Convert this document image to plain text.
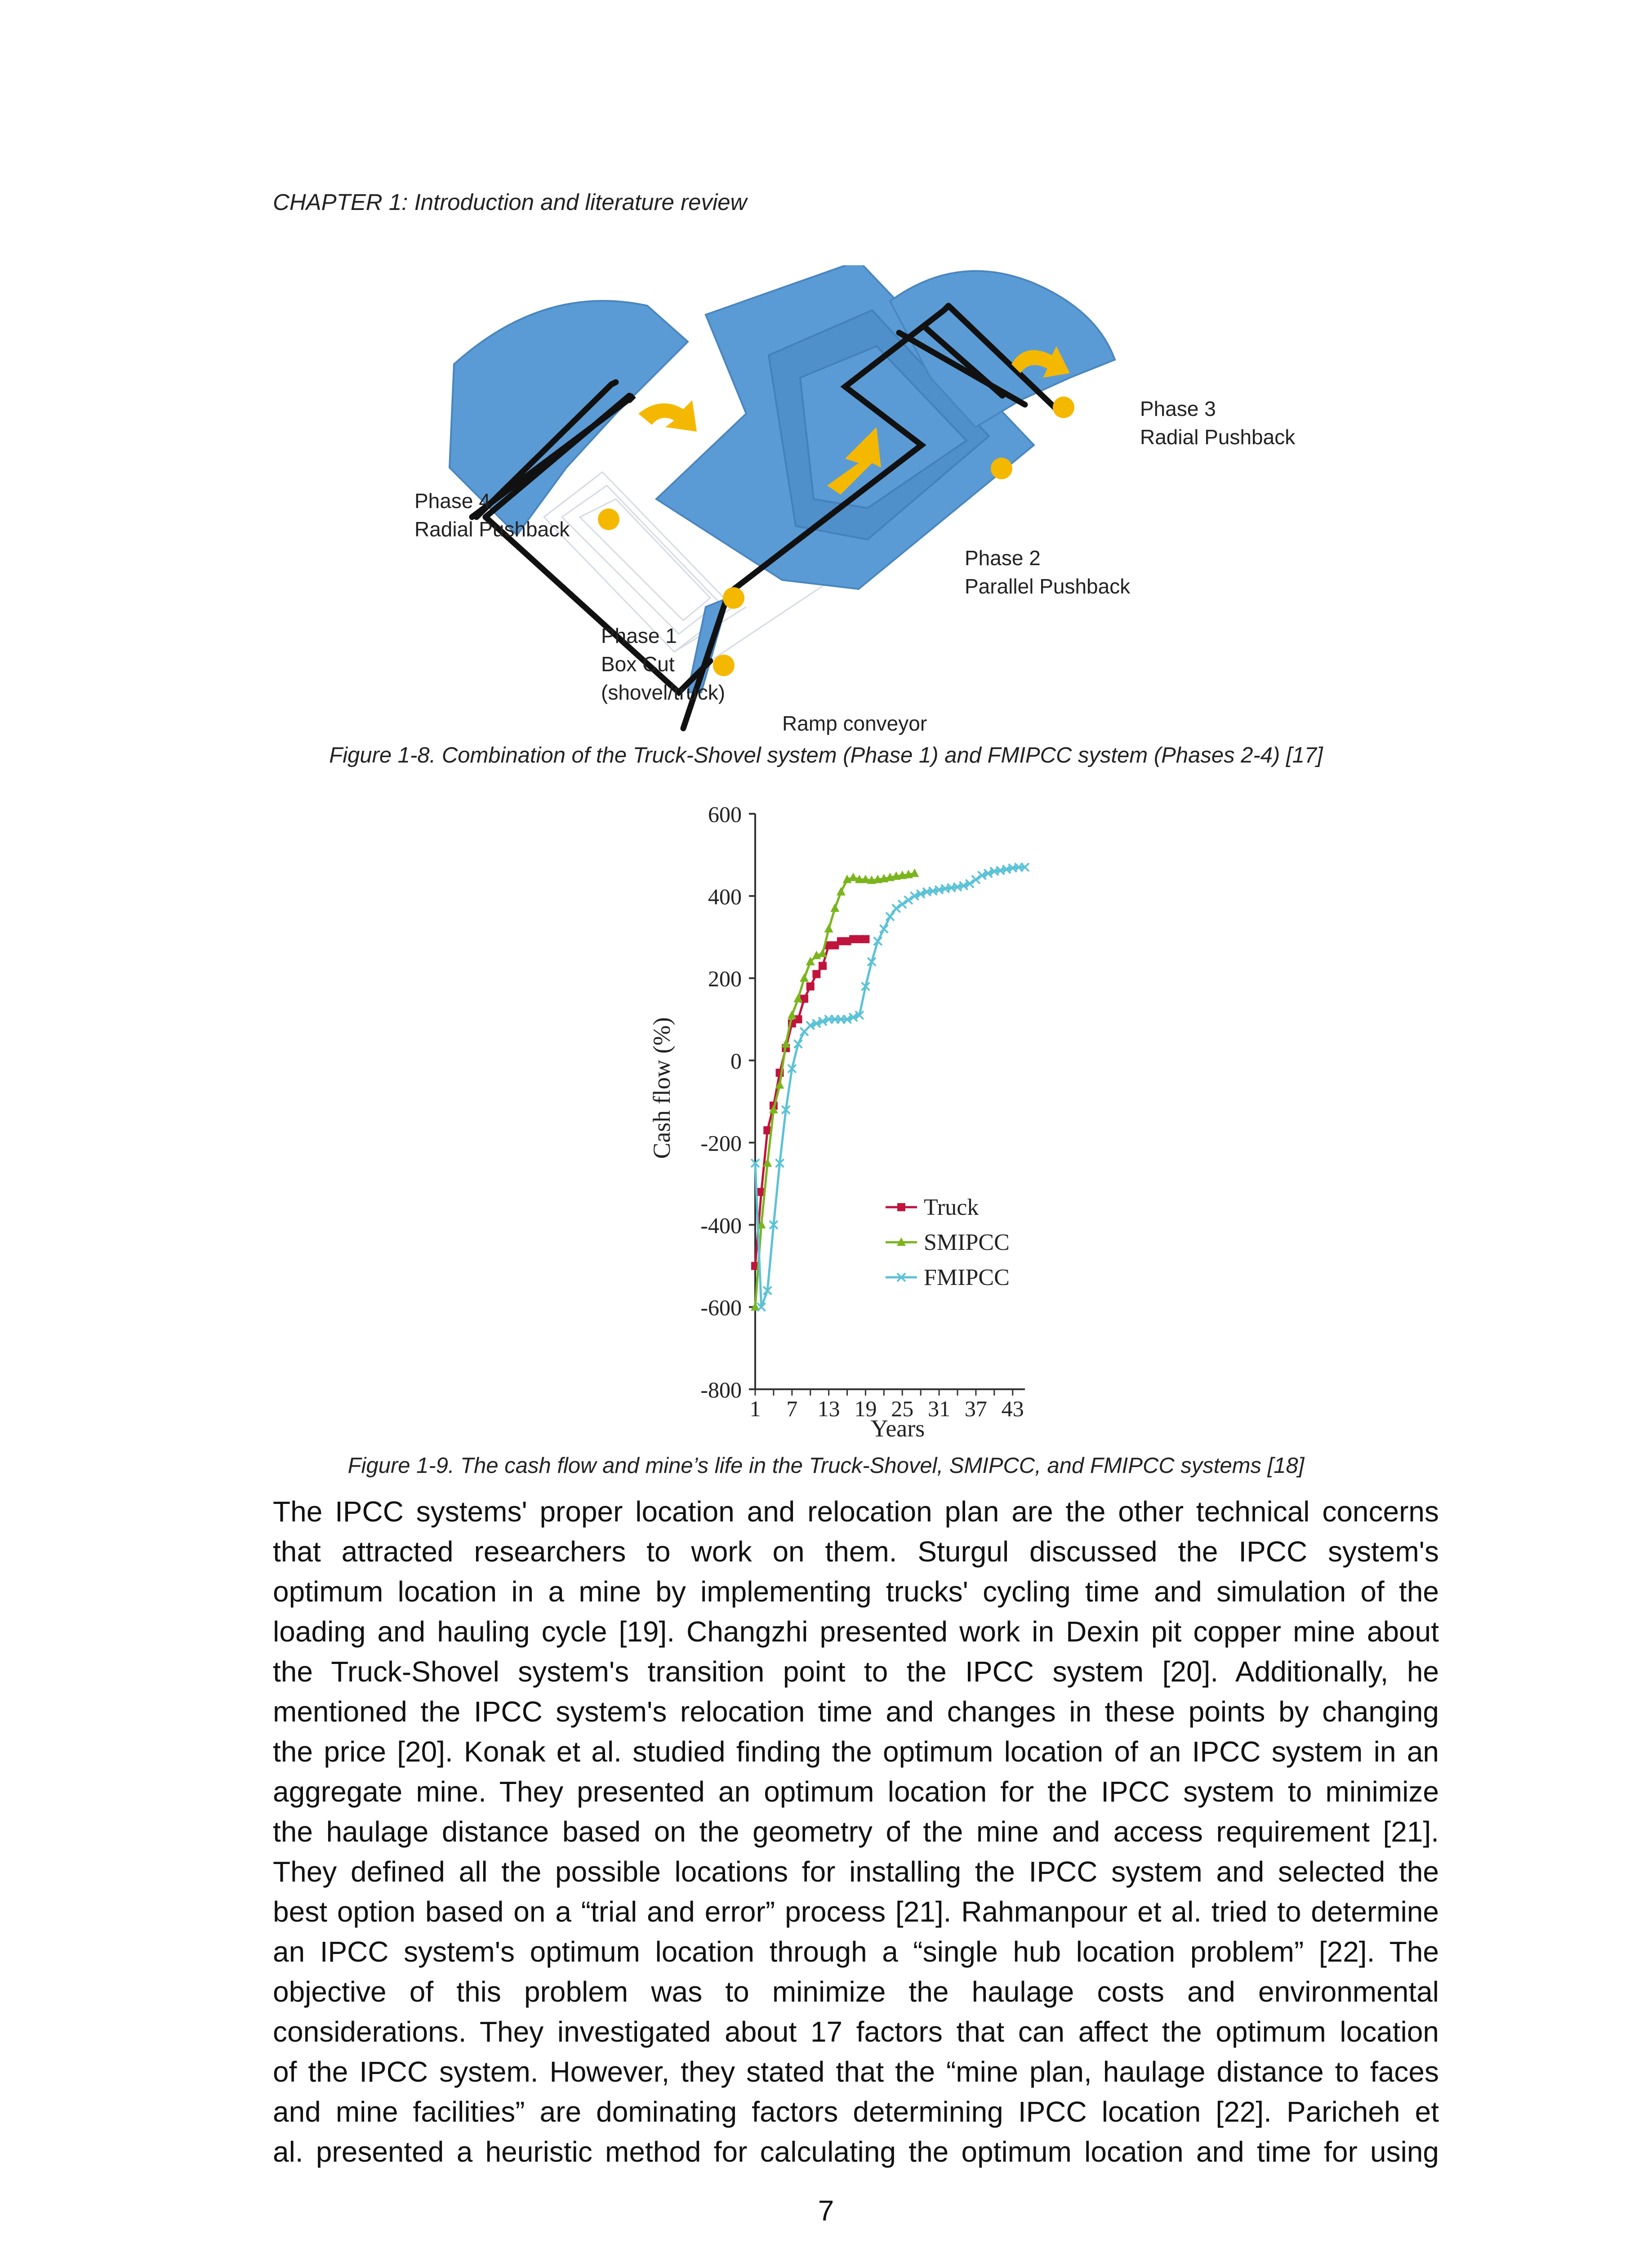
CHAPTER 1: Introduction and literature review
Phase 4
Radial Pushback
Phase 3
Radial Pushback
Phase 2
Parallel Pushback
Phase 1
Box Cut
(shovel/truck)
Ramp conveyor
Figure 1-8. Combination of the Truck-Shovel system (Phase 1) and FMIPCC system (Phases 2-4) [17]
Cash flow (%)
Years
600
400
200
0
-200
-400
-600
-800
1 7 13 19 25 31 37 43
Truck
SMIPCC
FMIPCC
Figure 1-9. The cash flow and mine’s life in the Truck-Shovel, SMIPCC, and FMIPCC systems [18]
The IPCC systems' proper location and relocation plan are the other technical concerns
that attracted researchers to work on them. Sturgul discussed the IPCC system's
optimum location in a mine by implementing trucks' cycling time and simulation of the
loading and hauling cycle [19]. Changzhi presented work in Dexin pit copper mine about
the Truck-Shovel system's transition point to the IPCC system [20]. Additionally, he
mentioned the IPCC system's relocation time and changes in these points by changing
the price [20]. Konak et al. studied finding the optimum location of an IPCC system in an
aggregate mine. They presented an optimum location for the IPCC system to minimize
the haulage distance based on the geometry of the mine and access requirement [21].
They defined all the possible locations for installing the IPCC system and selected the
best option based on a “trial and error” process [21]. Rahmanpour et al. tried to determine
an IPCC system's optimum location through a “single hub location problem” [22]. The
objective of this problem was to minimize the haulage costs and environmental
considerations. They investigated about 17 factors that can affect the optimum location
of the IPCC system. However, they stated that the “mine plan, haulage distance to faces
and mine facilities” are dominating factors determining IPCC location [22]. Paricheh et
al. presented a heuristic method for calculating the optimum location and time for using
7
